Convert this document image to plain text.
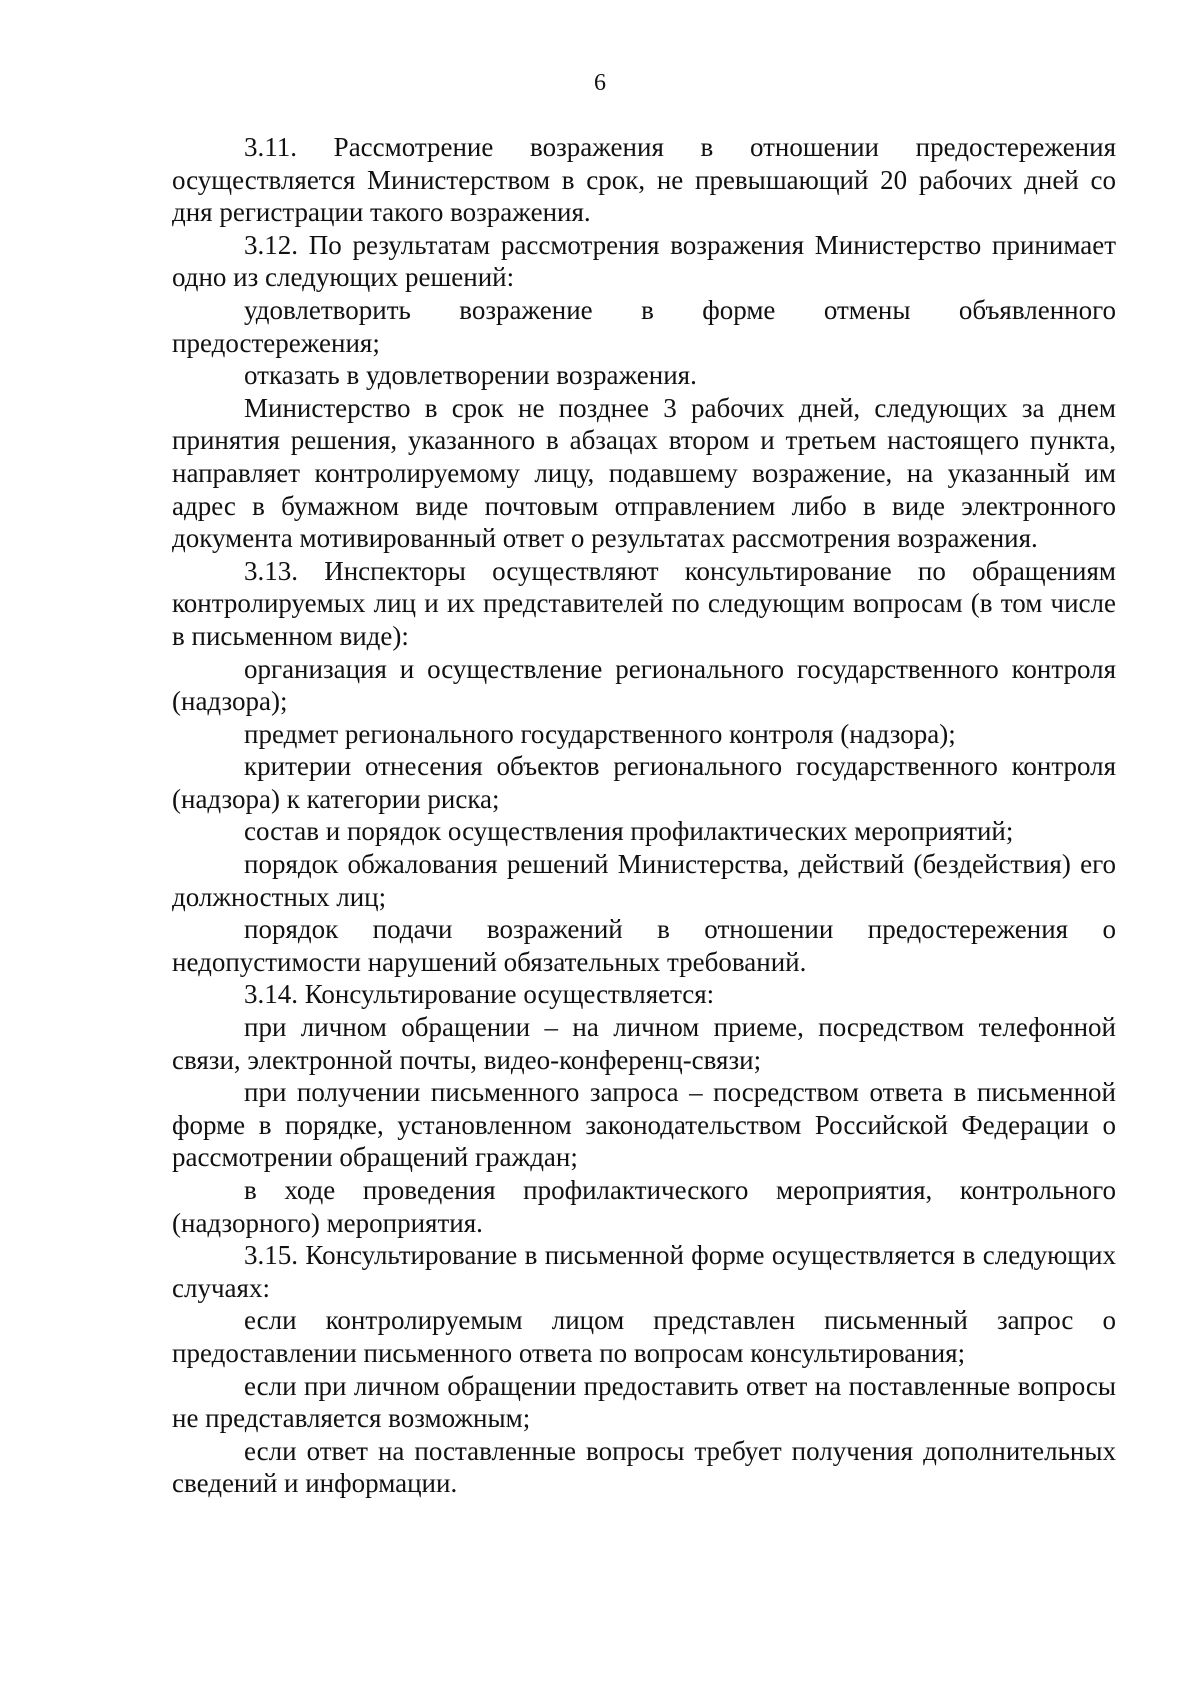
6

3.11. Рассмотрение возражения в отношении предостережения осуществляется Министерством в срок, не превышающий 20 рабочих дней со дня регистрации такого возражения.

3.12. По результатам рассмотрения возражения Министерство принимает одно из следующих решений:

удовлетворить возражение в форме отмены объявленного предостережения;

отказать в удовлетворении возражения.

Министерство в срок не позднее 3 рабочих дней, следующих за днем принятия решения, указанного в абзацах втором и третьем настоящего пункта, направляет контролируемому лицу, подавшему возражение, на указанный им адрес в бумажном виде почтовым отправлением либо в виде электронного документа мотивированный ответ о результатах рассмотрения возражения.

3.13. Инспекторы осуществляют консультирование по обращениям контролируемых лиц и их представителей по следующим вопросам (в том числе в письменном виде):

организация и осуществление регионального государственного контроля (надзора);

предмет регионального государственного контроля (надзора);

критерии отнесения объектов регионального государственного контроля (надзора) к категории риска;

состав и порядок осуществления профилактических мероприятий;

порядок обжалования решений Министерства, действий (бездействия) его должностных лиц;

порядок подачи возражений в отношении предостережения о недопустимости нарушений обязательных требований.

3.14. Консультирование осуществляется:

при личном обращении – на личном приеме, посредством телефонной связи, электронной почты, видео-конференц-связи;

при получении письменного запроса – посредством ответа в письменной форме в порядке, установленном законодательством Российской Федерации о рассмотрении обращений граждан;

в ходе проведения профилактического мероприятия, контрольного (надзорного) мероприятия.

3.15. Консультирование в письменной форме осуществляется в следующих случаях:

если контролируемым лицом представлен письменный запрос о предоставлении письменного ответа по вопросам консультирования;

если при личном обращении предоставить ответ на поставленные вопросы не представляется возможным;

если ответ на поставленные вопросы требует получения дополнительных сведений и информации.
